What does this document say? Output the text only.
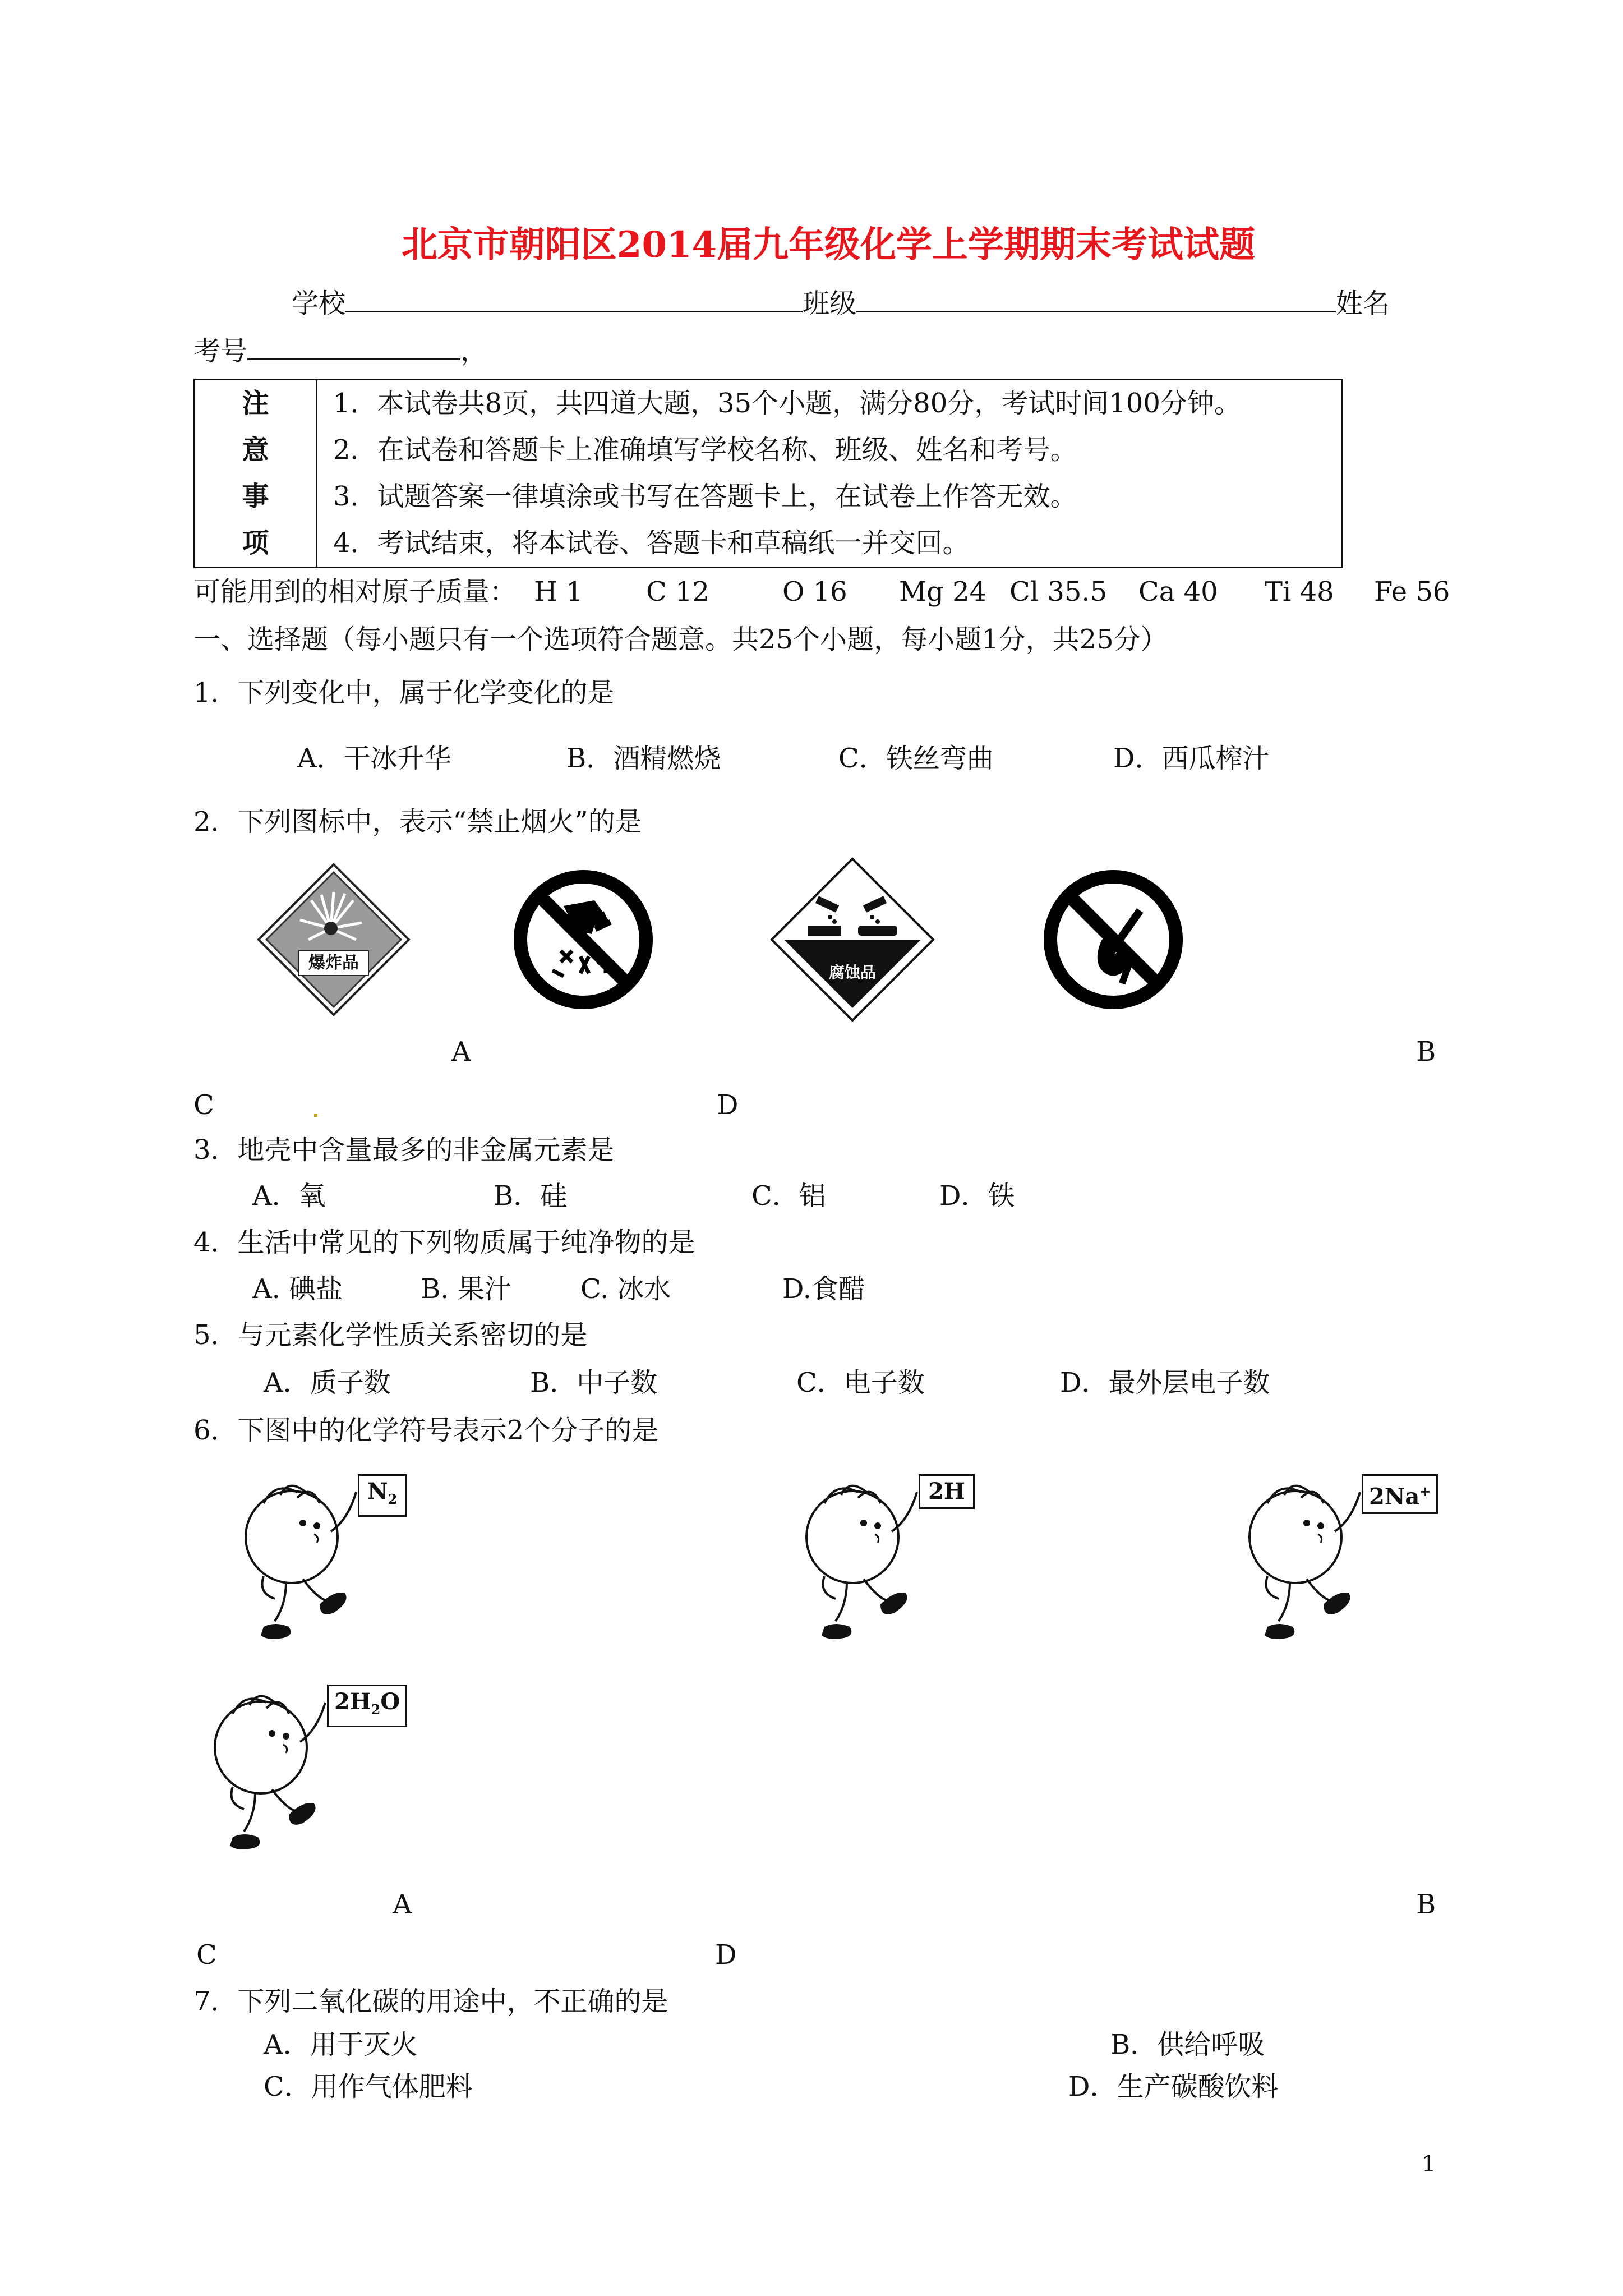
北京市朝阳区2014届九年级化学上学期期末考试试题
学校	班级	姓名
考号	，
注
意
事
项

1．本试卷共8页，共四道大题，35个小题，满分80分，考试时间100分钟。
2．在试卷和答题卡上准确填写学校名称、班级、姓名和考号。
3．试题答案一律填涂或书写在答题卡上，在试卷上作答无效。
4．考试结束，将本试卷、答题卡和草稿纸一并交回。
可能用到的相对原子质量： H 1 C 12	O 16 Mg 24 Cl 35.5 Ca 40 Ti 48 Fe 56
一、选择题（每小题只有一个选项符合题意。共25个小题，每小题1分，共25分）
1．下列变化中，属于化学变化的是
A．干冰升华	B．酒精燃烧	C．铁丝弯曲	D．西瓜榨汁
2．下列图标中，表示“禁止烟火”的是
爆炸品	腐蚀品
A	B
C	D
3．地壳中含量最多的非金属元素是
A．氧	B．硅	C．铝	D．铁
4．生活中常见的下列物质属于纯净物的是
A. 碘盐	B. 果汁	C. 冰水	D.食醋
5．与元素化学性质关系密切的是
A．质子数	B．中子数	C．电子数	D．最外层电子数
6．下图中的化学符号表示2个分子的是
$N_2$	2H	2Na+
$2H_2O$
A	B
C	D
7．下列二氧化碳的用途中，不正确的是
A．用于灭火	B．供给呼吸
C．用作气体肥料	D．生产碳酸饮料
1
